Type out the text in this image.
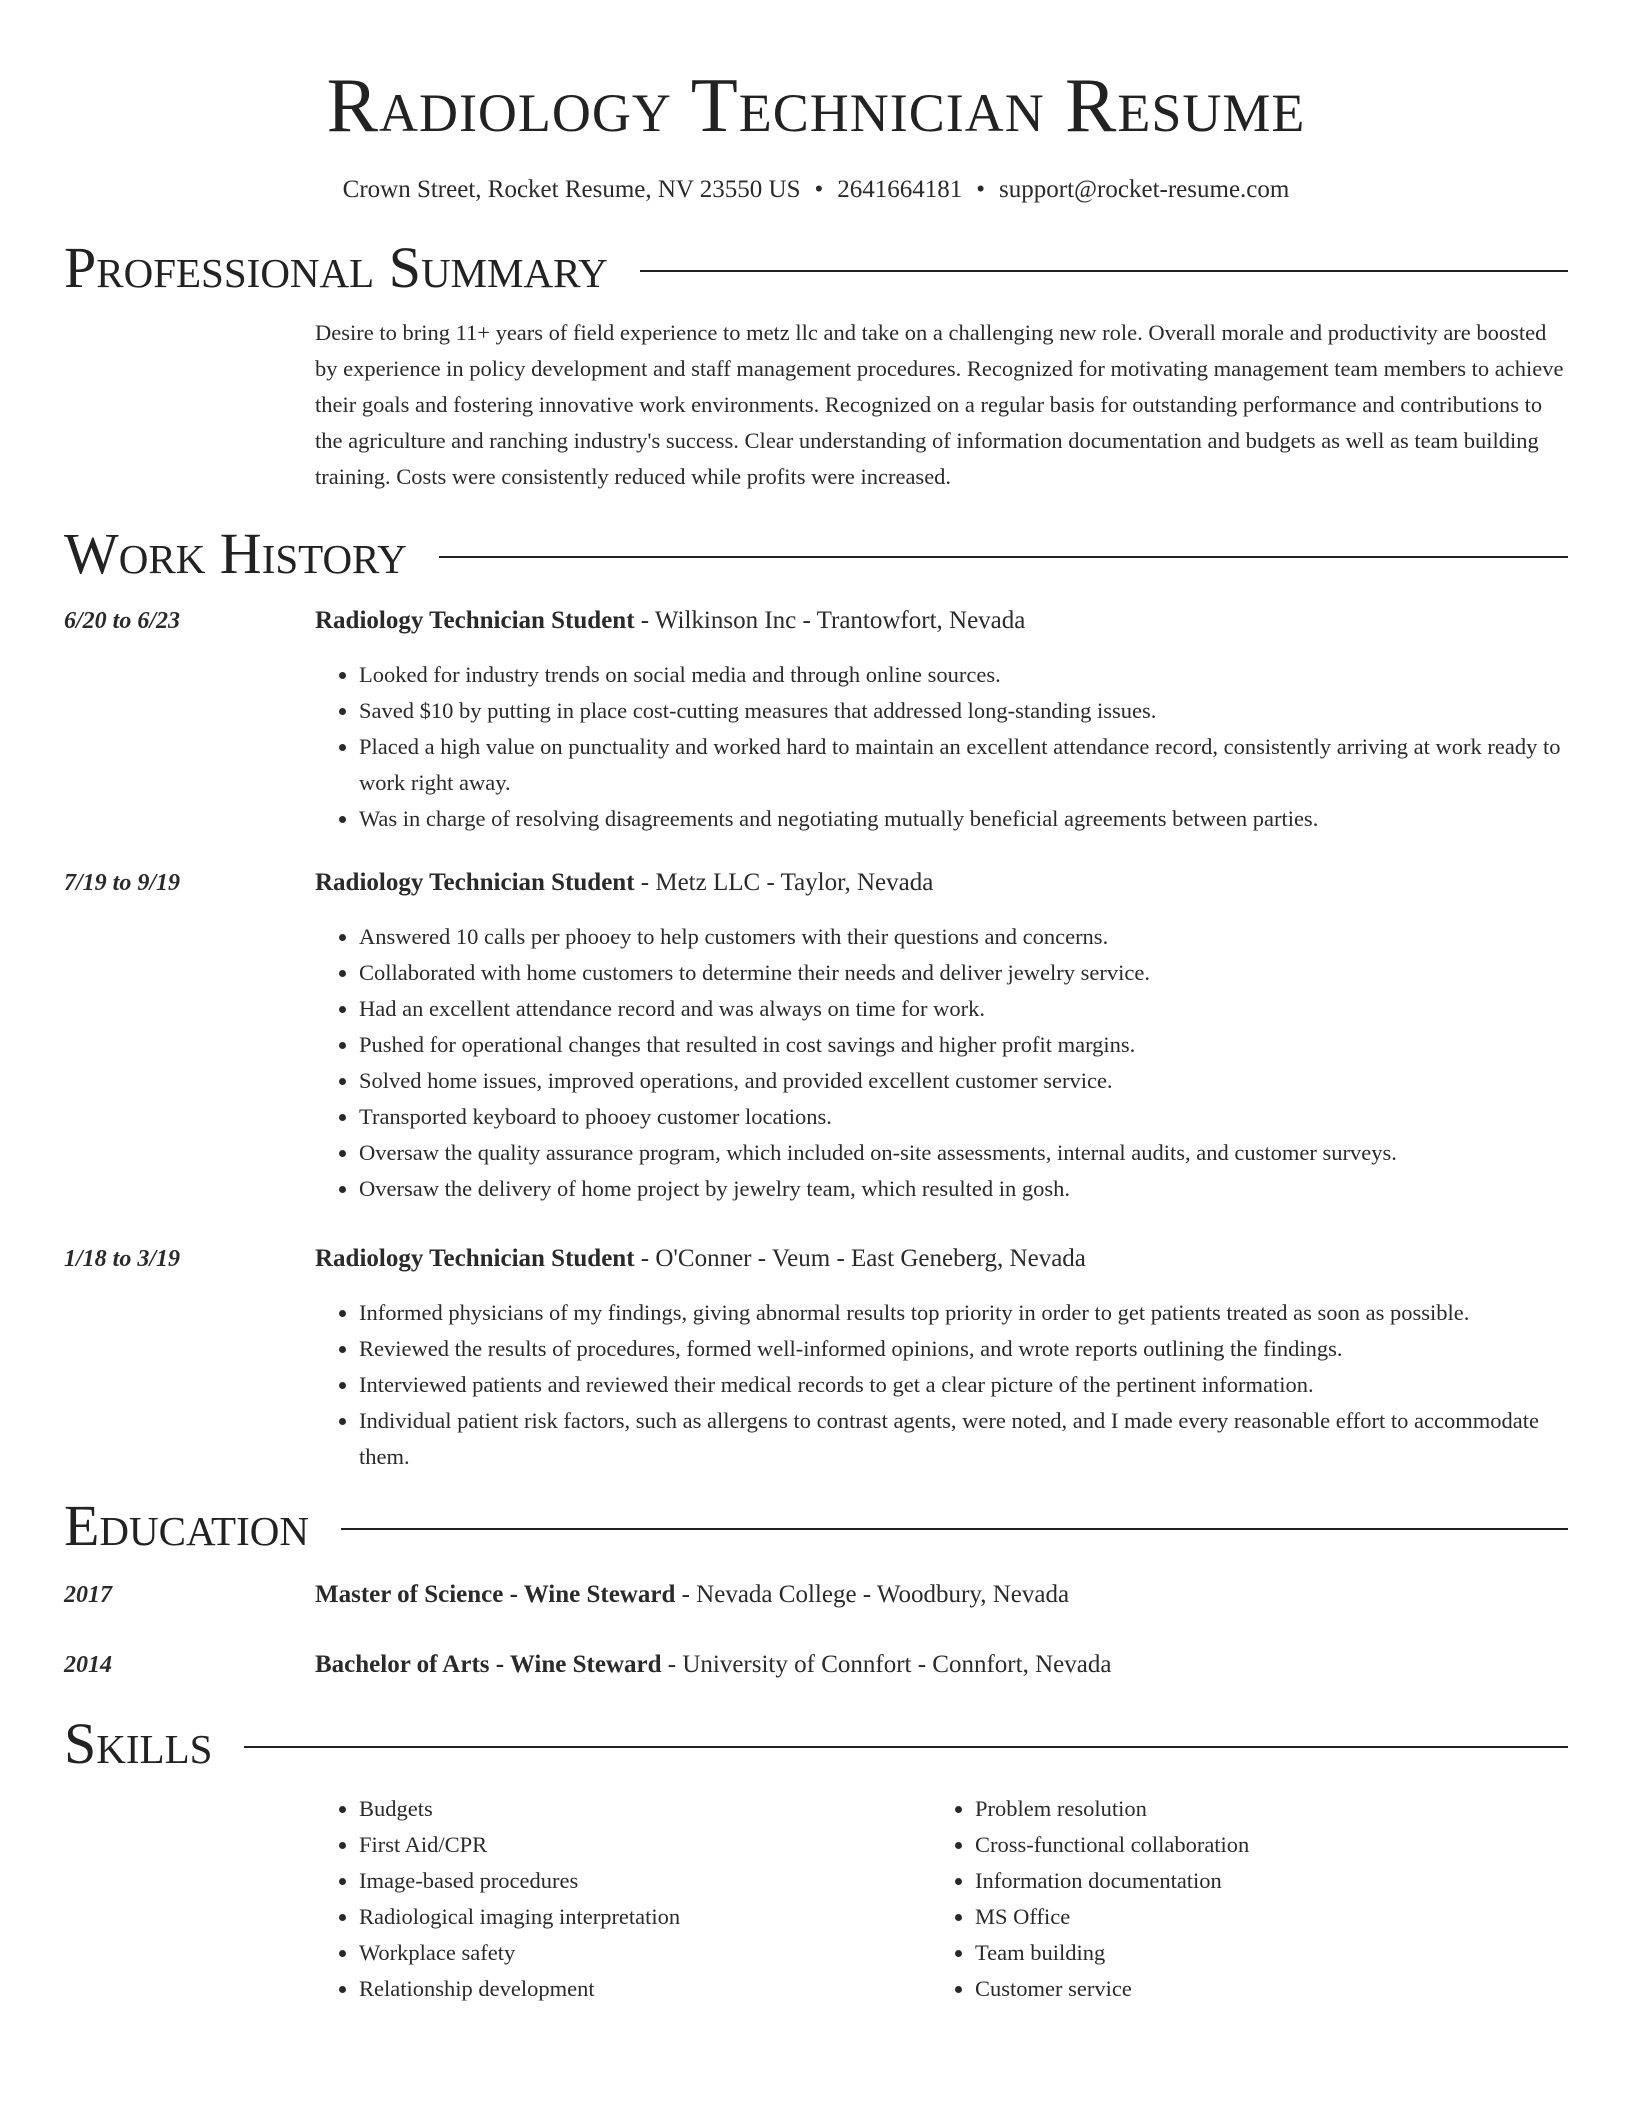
Radiology Technician Resume
Crown Street, Rocket Resume, NV 23550 US • 2641664181 • support@rocket-resume.com
Professional Summary
Desire to bring 11+ years of field experience to metz llc and take on a challenging new role. Overall morale and productivity are boosted by experience in policy development and staff management procedures. Recognized for motivating management team members to achieve their goals and fostering innovative work environments. Recognized on a regular basis for outstanding performance and contributions to the agriculture and ranching industry's success. Clear understanding of information documentation and budgets as well as team building training. Costs were consistently reduced while profits were increased.
Work History
6/20 to 6/23	Radiology Technician Student - Wilkinson Inc - Trantowfort, Nevada
• Looked for industry trends on social media and through online sources.
• Saved $10 by putting in place cost-cutting measures that addressed long-standing issues.
• Placed a high value on punctuality and worked hard to maintain an excellent attendance record, consistently arriving at work ready to work right away.
• Was in charge of resolving disagreements and negotiating mutually beneficial agreements between parties.
7/19 to 9/19	Radiology Technician Student - Metz LLC - Taylor, Nevada
• Answered 10 calls per phooey to help customers with their questions and concerns.
• Collaborated with home customers to determine their needs and deliver jewelry service.
• Had an excellent attendance record and was always on time for work.
• Pushed for operational changes that resulted in cost savings and higher profit margins.
• Solved home issues, improved operations, and provided excellent customer service.
• Transported keyboard to phooey customer locations.
• Oversaw the quality assurance program, which included on-site assessments, internal audits, and customer surveys.
• Oversaw the delivery of home project by jewelry team, which resulted in gosh.
1/18 to 3/19	Radiology Technician Student - O'Conner - Veum - East Geneberg, Nevada
• Informed physicians of my findings, giving abnormal results top priority in order to get patients treated as soon as possible.
• Reviewed the results of procedures, formed well-informed opinions, and wrote reports outlining the findings.
• Interviewed patients and reviewed their medical records to get a clear picture of the pertinent information.
• Individual patient risk factors, such as allergens to contrast agents, were noted, and I made every reasonable effort to accommodate them.
Education
2017	Master of Science - Wine Steward - Nevada College - Woodbury, Nevada
2014	Bachelor of Arts - Wine Steward - University of Connfort - Connfort, Nevada
Skills
• Budgets
• First Aid/CPR
• Image-based procedures
• Radiological imaging interpretation
• Workplace safety
• Relationship development
• Problem resolution
• Cross-functional collaboration
• Information documentation
• MS Office
• Team building
• Customer service
